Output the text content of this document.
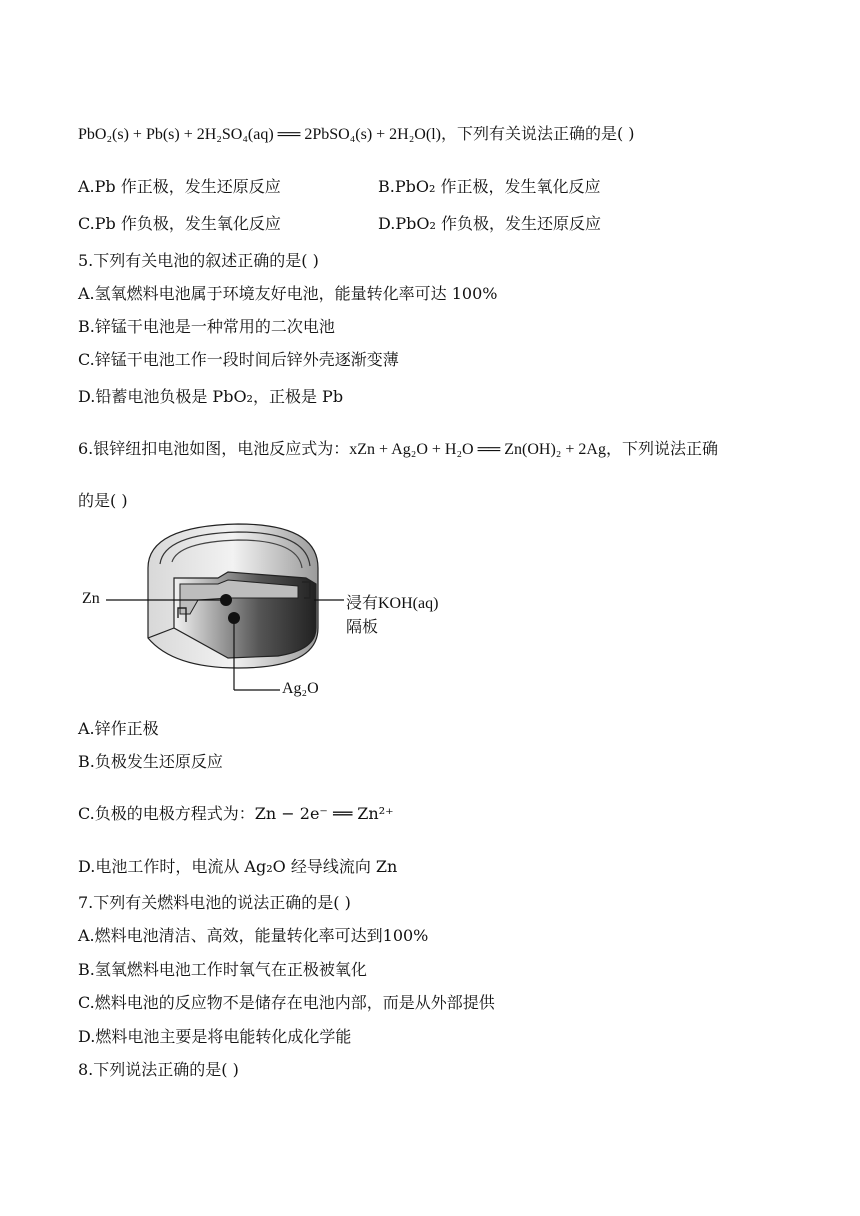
PbO₂(s) + Pb(s) + 2H₂SO₄(aq) ══ 2PbSO₄(s) + 2H₂O(l)，下列有关说法正确的是( )
A.Pb 作正极，发生还原反应	B.PbO₂ 作正极，发生氧化反应
C.Pb 作负极，发生氧化反应	D.PbO₂ 作负极，发生还原反应
5.下列有关电池的叙述正确的是( )
A.氢氧燃料电池属于环境友好电池，能量转化率可达 100%
B.锌锰干电池是一种常用的二次电池
C.锌锰干电池工作一段时间后锌外壳逐渐变薄
D.铅蓄电池负极是 PbO₂，正极是 Pb
6.银锌纽扣电池如图，电池反应式为：xZn + Ag₂O + H₂O ══ Zn(OH)₂ + 2Ag，下列说法正确
的是( )
Zn	浸有KOH(aq)
隔板
Ag₂O
A.锌作正极
B.负极发生还原反应
C.负极的电极方程式为：Zn − 2e⁻ ══ Zn²⁺
D.电池工作时，电流从 Ag₂O 经导线流向 Zn
7.下列有关燃料电池的说法正确的是( )
A.燃料电池清洁、高效，能量转化率可达到100%
B.氢氧燃料电池工作时氧气在正极被氧化
C.燃料电池的反应物不是储存在电池内部，而是从外部提供
D.燃料电池主要是将电能转化成化学能
8.下列说法正确的是( )
